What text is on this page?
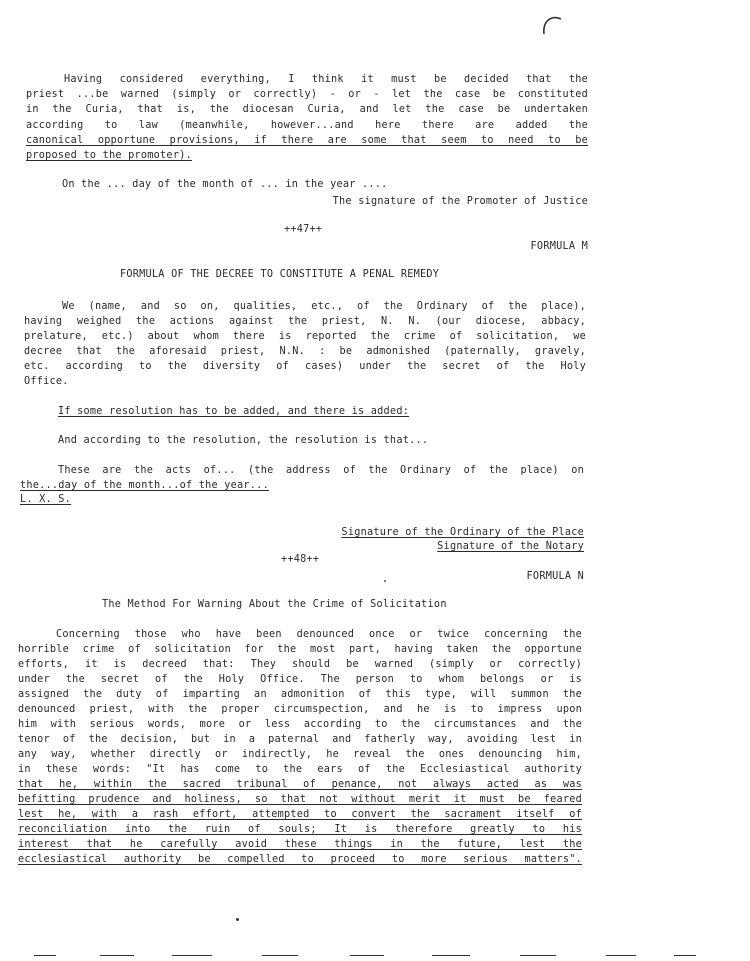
Having considered everything, I think it must be decided that the
priest ...be warned (simply or correctly) - or - let the case be constituted
in the Curia, that is, the diocesan Curia, and let the case be undertaken
according to law (meanwhile, however...and here there are added the
canonical opportune provisions, if there are some that seem to need to be
proposed to the promoter).
On the ... day of the month of ... in the year ....
The signature of the Promoter of Justice
++47++
FORMULA M
FORMULA OF THE DECREE TO CONSTITUTE A PENAL REMEDY
We (name, and so on, qualities, etc., of the Ordinary of the place),
having weighed the actions against the priest, N. N. (our diocese, abbacy,
prelature, etc.) about whom there is reported the crime of solicitation, we
decree that the aforesaid priest, N.N. : be admonished (paternally, gravely,
etc. according to the diversity of cases) under the secret of the Holy
Office.
If some resolution has to be added, and there is added:
And according to the resolution, the resolution is that...
These are the acts of... (the address of the Ordinary of the place) on
the...day of the month...of the year...
L. X. S.
Signature of the Ordinary of the Place
Signature of the Notary
++48++
FORMULA N
The Method For Warning About the Crime of Solicitation
Concerning those who have been denounced once or twice concerning the
horrible crime of solicitation for the most part, having taken the opportune
efforts, it is decreed that: They should be warned (simply or correctly)
under the secret of the Holy Office. The person to whom belongs or is
assigned the duty of imparting an admonition of this type, will summon the
denounced priest, with the proper circumspection, and he is to impress upon
him with serious words, more or less according to the circumstances and the
tenor of the decision, but in a paternal and fatherly way, avoiding lest in
any way, whether directly or indirectly, he reveal the ones denouncing him,
in these words: "It has come to the ears of the Ecclesiastical authority
that he, within the sacred tribunal of penance, not always acted as was
befitting prudence and holiness, so that not without merit it must be feared
lest he, with a rash effort, attempted to convert the sacrament itself of
reconciliation into the ruin of souls; It is therefore greatly to his
interest that he carefully avoid these things in the future, lest the
ecclesiastical authority be compelled to proceed to more serious matters".
